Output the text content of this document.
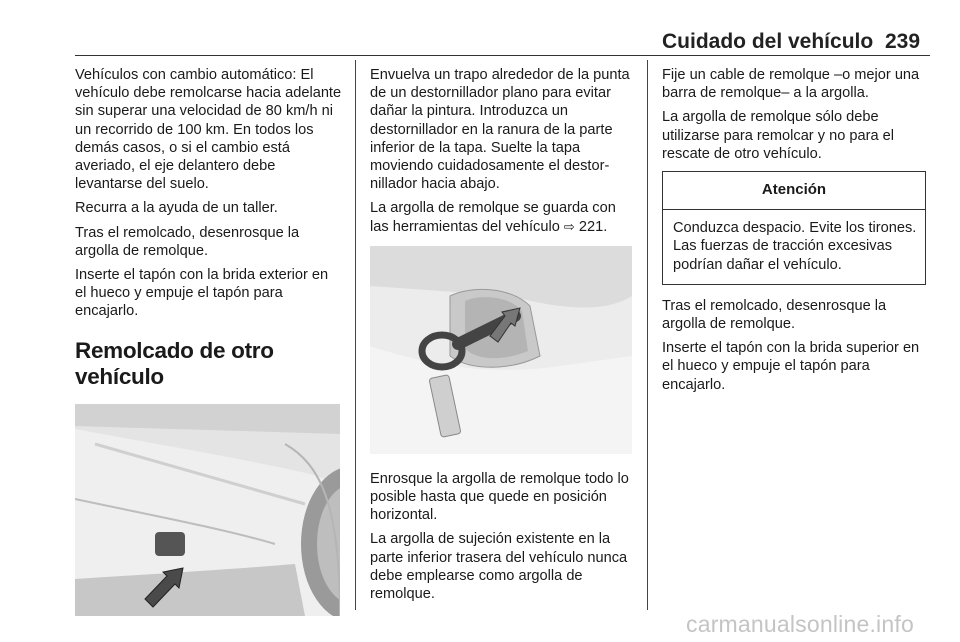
Cuidado del vehículo 239

Vehículos con cambio automático: El vehículo debe remolcarse hacia adelante sin superar una velocidad de 80 km/h ni un recorrido de 100 km. En todos los demás casos, o si el cambio está averiado, el eje delantero debe levantarse del suelo.

Recurra a la ayuda de un taller.

Tras el remolcado, desenrosque la argolla de remolque.

Inserte el tapón con la brida exterior en el hueco y empuje el tapón para encajarlo.

Remolcado de otro vehículo

Envuelva un trapo alrededor de la punta de un destornillador plano para evitar dañar la pintura. Introduzca un destornillador en la ranura de la parte inferior de la tapa. Suelte la tapa moviendo cuidadosamente el destornillador hacia abajo.

La argolla de remolque se guarda con las herramientas del vehículo ⇨ 221.

Enrosque la argolla de remolque todo lo posible hasta que quede en posición horizontal.

La argolla de sujeción existente en la parte inferior trasera del vehículo nunca debe emplearse como argolla de remolque.

Fije un cable de remolque –o mejor una barra de remolque– a la argolla.

La argolla de remolque sólo debe utilizarse para remolcar y no para el rescate de otro vehículo.

Atención
Conduzca despacio. Evite los tirones. Las fuerzas de tracción excesivas podrían dañar el vehículo.

Tras el remolcado, desenrosque la argolla de remolque.

Inserte el tapón con la brida superior en el hueco y empuje el tapón para encajarlo.

carmanualsonline.info
